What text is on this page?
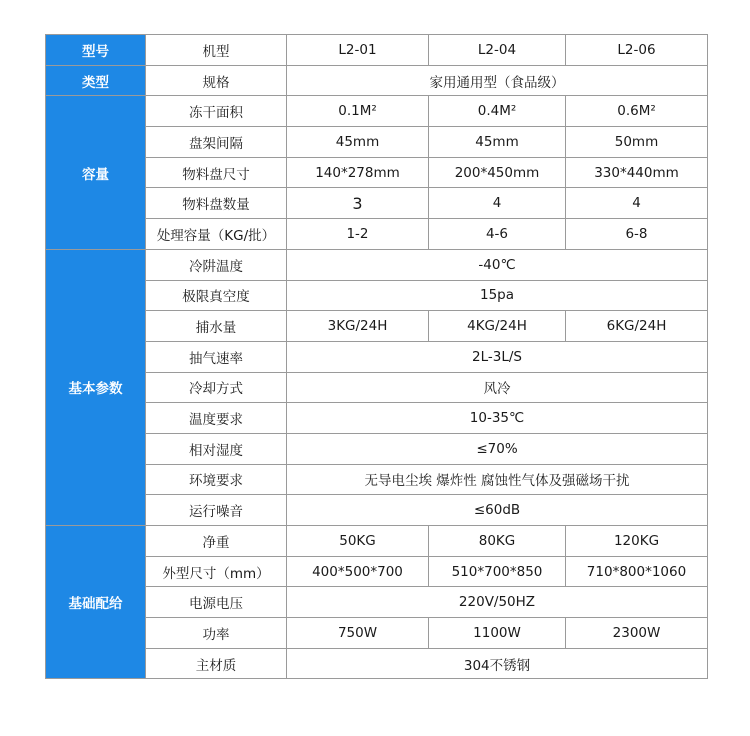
型号	机型	L2-01	L2-04	L2-06
类型	规格	家用通用型（食品级）		
容量	冻干面积	0.1M²	0.4M²	0.6M²
	盘架间隔	45mm	45mm	50mm
	物料盘尺寸	140*278mm	200*450mm	330*440mm
	物料盘数量	3	4	4
	处理容量（KG/批）	1-2	4-6	6-8
基本参数	冷阱温度	-40℃		
	极限真空度	15pa		
	捕水量	3KG/24H	4KG/24H	6KG/24H
	抽气速率	2L-3L/S		
	冷却方式	风冷		
	温度要求	10-35℃		
	相对湿度	≤70%		
	环境要求	无导电尘埃 爆炸性 腐蚀性气体及强磁场干扰		
	运行噪音	≤60dB		
基础配给	净重	50KG	80KG	120KG
	外型尺寸（mm）	400*500*700	510*700*850	710*800*1060
	电源电压	220V/50HZ		
	功率	750W	1100W	2300W
	主材质	304不锈钢		
